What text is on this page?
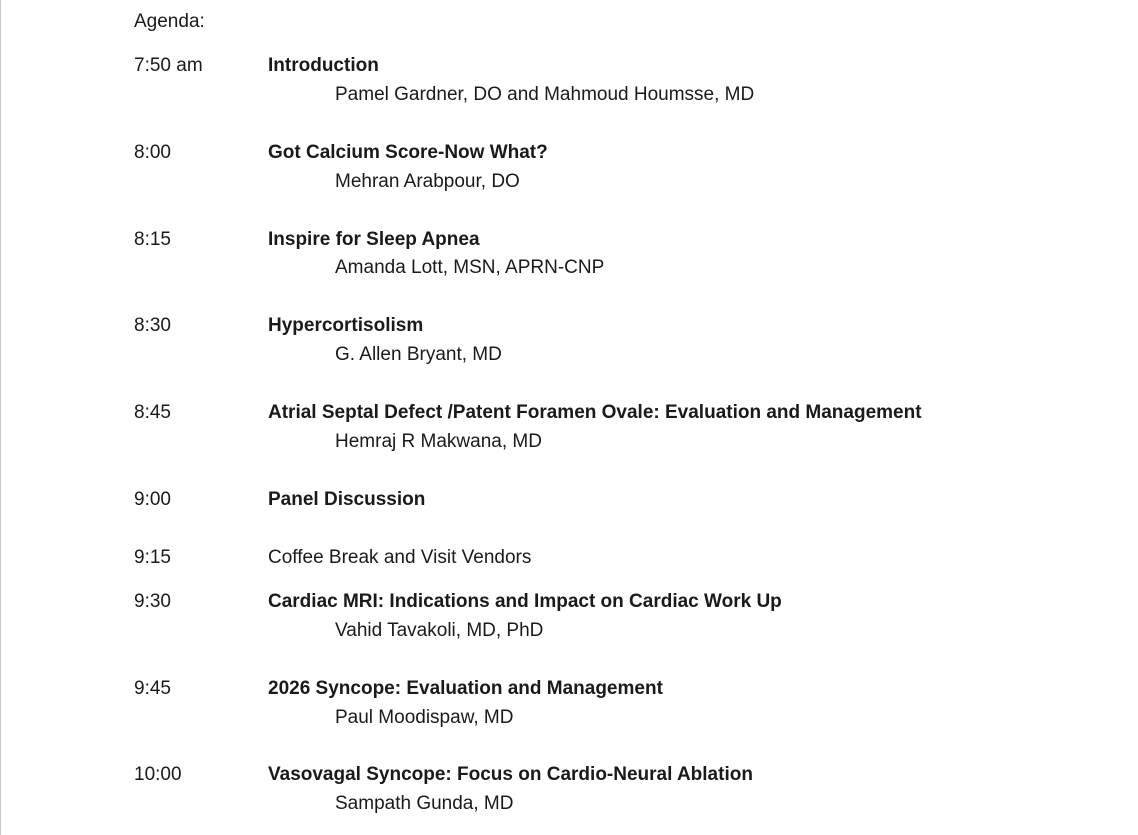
Agenda:
7:50 am	Introduction
Pamel Gardner, DO and Mahmoud Houmsse, MD
8:00	Got Calcium Score-Now What?
Mehran Arabpour, DO
8:15	Inspire for Sleep Apnea
Amanda Lott, MSN, APRN-CNP
8:30	Hypercortisolism
G. Allen Bryant, MD
8:45	Atrial Septal Defect /Patent Foramen Ovale: Evaluation and Management
Hemraj R Makwana, MD
9:00	Panel Discussion
9:15	Coffee Break and Visit Vendors
9:30	Cardiac MRI: Indications and Impact on Cardiac Work Up
Vahid Tavakoli, MD, PhD
9:45	2026 Syncope: Evaluation and Management
Paul Moodispaw, MD
10:00	Vasovagal Syncope: Focus on Cardio-Neural Ablation
Sampath Gunda, MD
